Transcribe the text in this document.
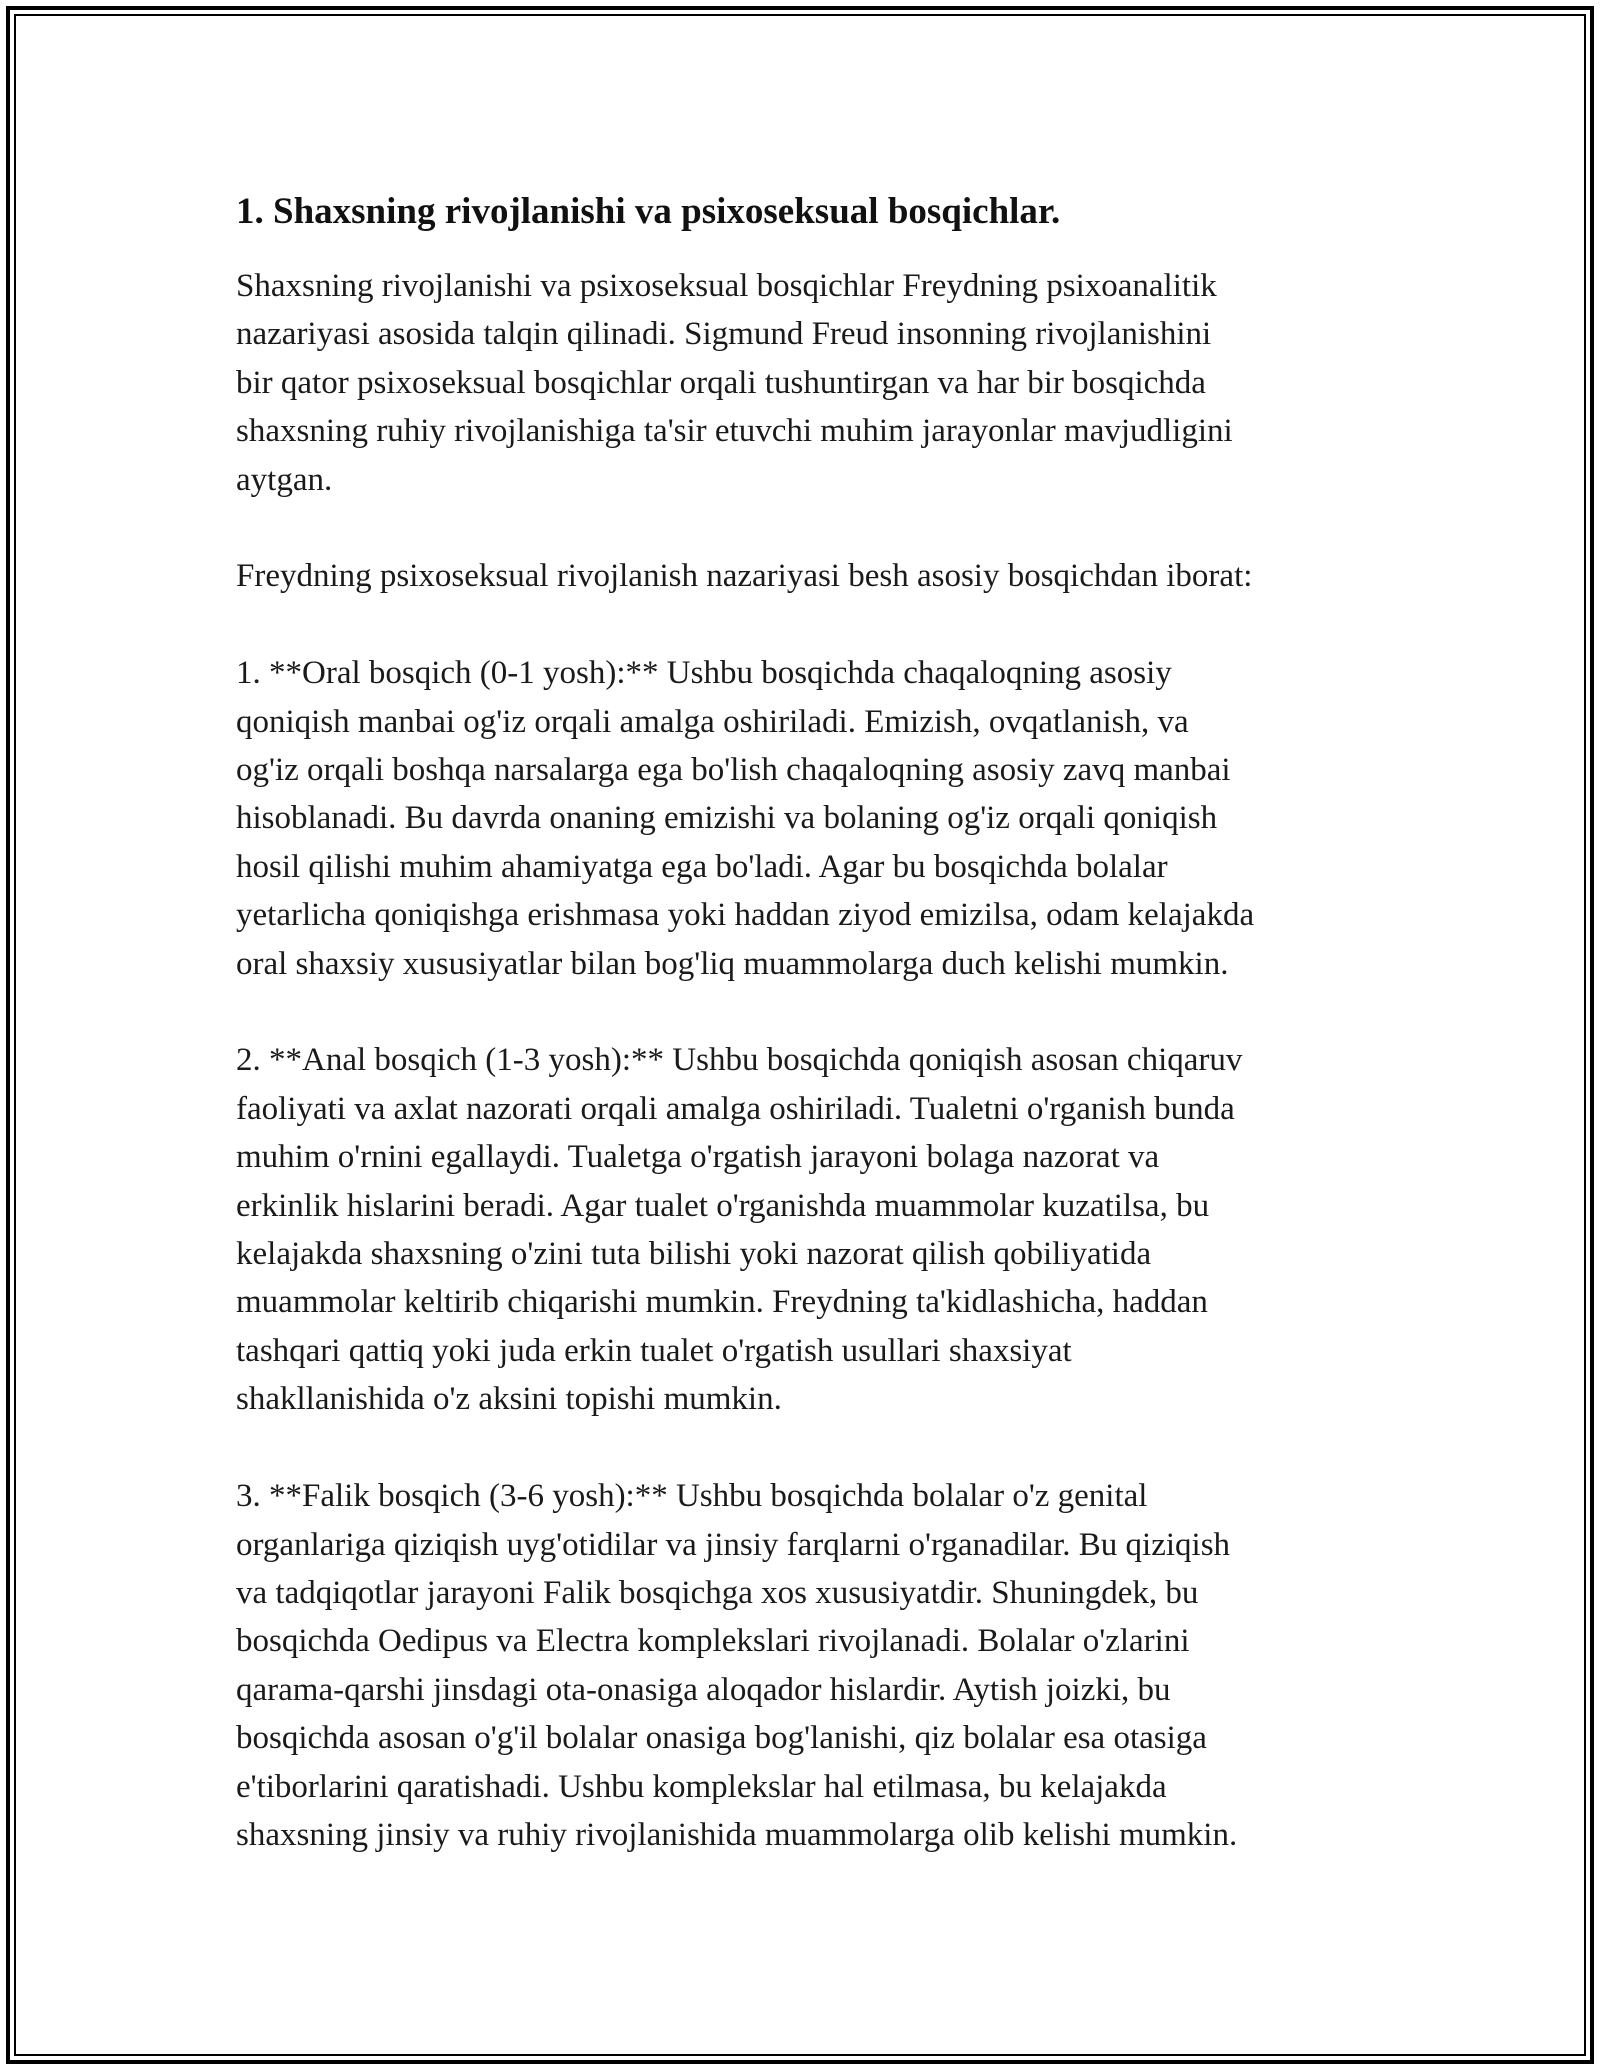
1. Shaxsning rivojlanishi va psixoseksual bosqichlar.
Shaxsning rivojlanishi va psixoseksual bosqichlar Freydning psixoanalitik
nazariyasi asosida talqin qilinadi. Sigmund Freud insonning rivojlanishini
bir qator psixoseksual bosqichlar orqali tushuntirgan va har bir bosqichda
shaxsning ruhiy rivojlanishiga ta'sir etuvchi muhim jarayonlar mavjudligini
aytgan.
Freydning psixoseksual rivojlanish nazariyasi besh asosiy bosqichdan iborat:
1. **Oral bosqich (0-1 yosh):** Ushbu bosqichda chaqaloqning asosiy
qoniqish manbai og'iz orqali amalga oshiriladi. Emizish, ovqatlanish, va
og'iz orqali boshqa narsalarga ega bo'lish chaqaloqning asosiy zavq manbai
hisoblanadi. Bu davrda onaning emizishi va bolaning og'iz orqali qoniqish
hosil qilishi muhim ahamiyatga ega bo'ladi. Agar bu bosqichda bolalar
yetarlicha qoniqishga erishmasa yoki haddan ziyod emizilsa, odam kelajakda
oral shaxsiy xususiyatlar bilan bog'liq muammolarga duch kelishi mumkin.
2. **Anal bosqich (1-3 yosh):** Ushbu bosqichda qoniqish asosan chiqaruv
faoliyati va axlat nazorati orqali amalga oshiriladi. Tualetni o'rganish bunda
muhim o'rnini egallaydi. Tualetga o'rgatish jarayoni bolaga nazorat va
erkinlik hislarini beradi. Agar tualet o'rganishda muammolar kuzatilsa, bu
kelajakda shaxsning o'zini tuta bilishi yoki nazorat qilish qobiliyatida
muammolar keltirib chiqarishi mumkin. Freydning ta'kidlashicha, haddan
tashqari qattiq yoki juda erkin tualet o'rgatish usullari shaxsiyat
shakllanishida o'z aksini topishi mumkin.
3. **Falik bosqich (3-6 yosh):** Ushbu bosqichda bolalar o'z genital
organlariga qiziqish uyg'otidilar va jinsiy farqlarni o'rganadilar. Bu qiziqish
va tadqiqotlar jarayoni Falik bosqichga xos xususiyatdir. Shuningdek, bu
bosqichda Oedipus va Electra komplekslari rivojlanadi. Bolalar o'zlarini
qarama-qarshi jinsdagi ota-onasiga aloqador hislardir. Aytish joizki, bu
bosqichda asosan o'g'il bolalar onasiga bog'lanishi, qiz bolalar esa otasiga
e'tiborlarini qaratishadi. Ushbu komplekslar hal etilmasa, bu kelajakda
shaxsning jinsiy va ruhiy rivojlanishida muammolarga olib kelishi mumkin.
